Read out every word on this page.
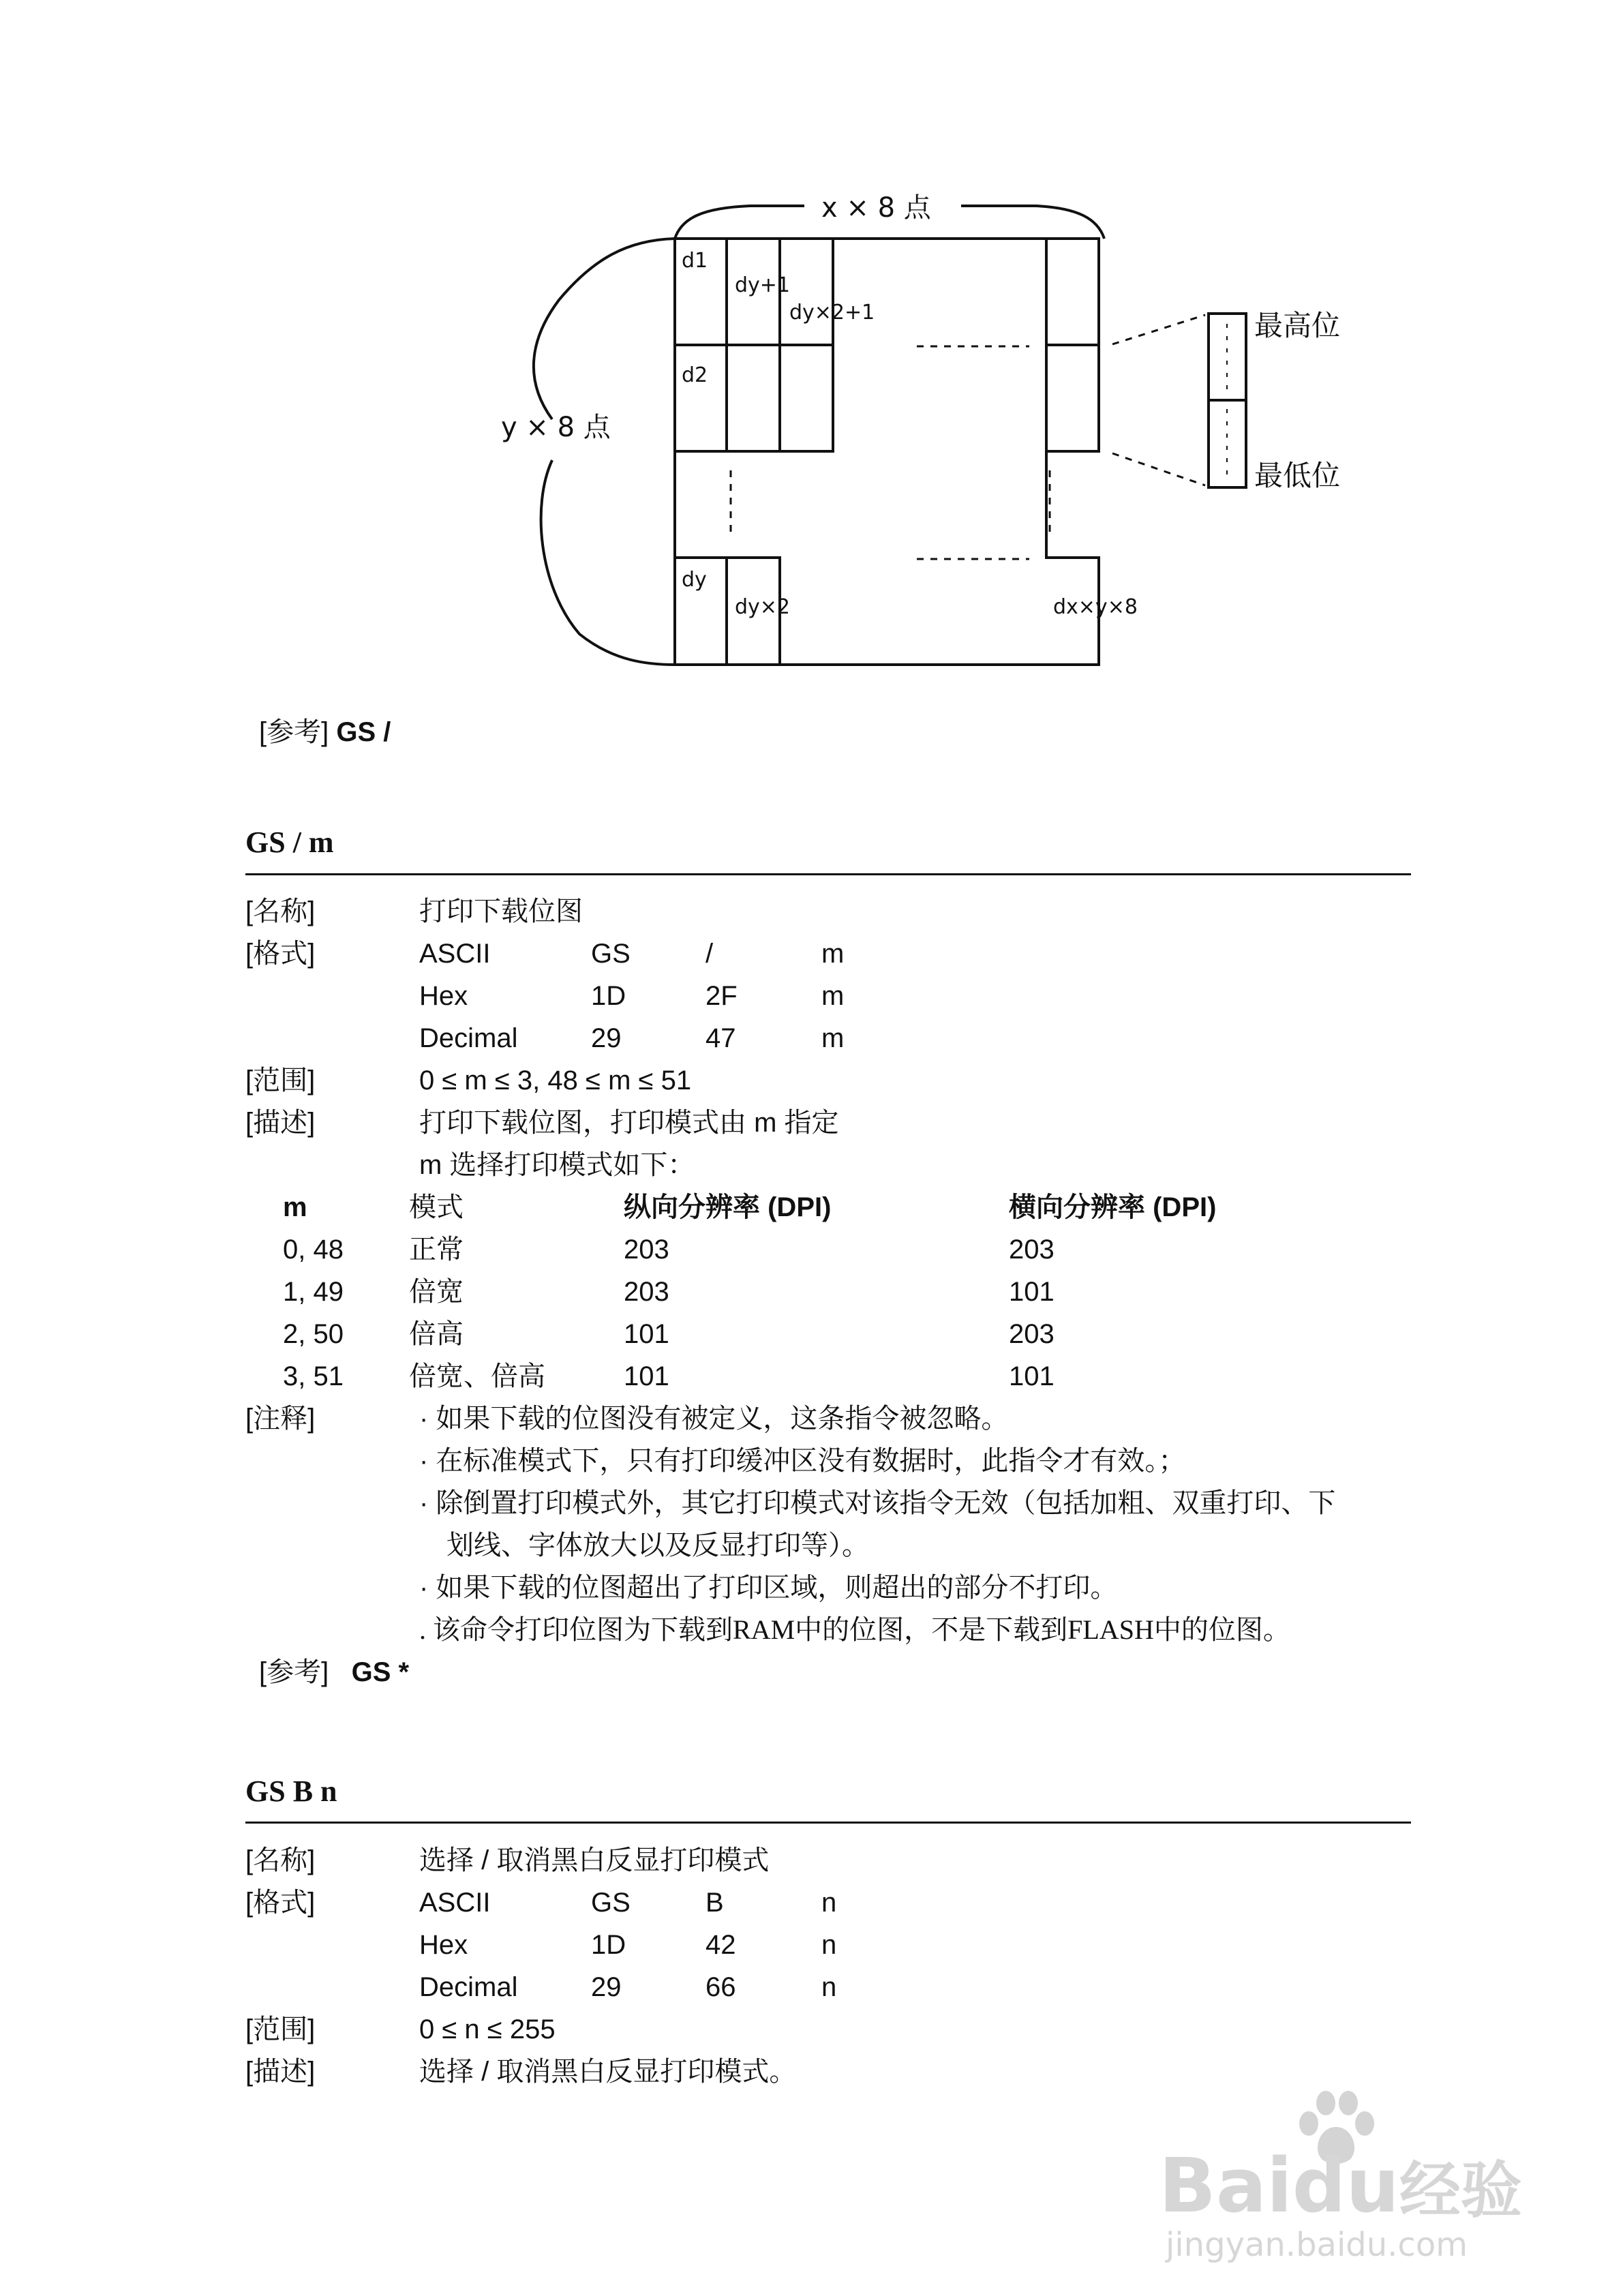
x × 8 点
y × 8 点
d1
dy+1
dy×2+1
d2
dy
dy×2	dx×y×8
最高位
最低位
[参考] GS /
GS / m
[名称]	打印下载位图
[格式]	ASCII	GS	/	m
Hex	1D	2F	m
Decimal	29	47	m
[范围]	0 ≤ m ≤ 3, 48 ≤ m ≤ 51
[描述]	打印下载位图，打印模式由 m 指定
m 选择打印模式如下：
m	模式	纵向分辨率 (DPI)	横向分辨率 (DPI)
0, 48 正常	203	203
1, 49 倍宽	203	101
2, 50 倍高	101	203
3, 51 倍宽、倍高	101	101
[注释]	· 如果下载的位图没有被定义，这条指令被忽略。
· 在标准模式下，只有打印缓冲区没有数据时，此指令才有效。；
· 除倒置打印模式外，其它打印模式对该指令无效（包括加粗、双重打印、下
划线、字体放大以及反显打印等）。
· 如果下载的位图超出了打印区域，则超出的部分不打印。
. 该命令打印位图为下载到RAM中的位图，不是下载到FLASH中的位图。
[参考] GS *
GS B n
[名称]	选择 / 取消黑白反显打印模式
[格式]	ASCII	GS	B	n
Hex	1D	42	n
Decimal	29	66	n
[范围]	0 ≤ n ≤ 255
[描述]	选择 / 取消黑白反显打印模式。
Baidu经验
jingyan.baidu.com
